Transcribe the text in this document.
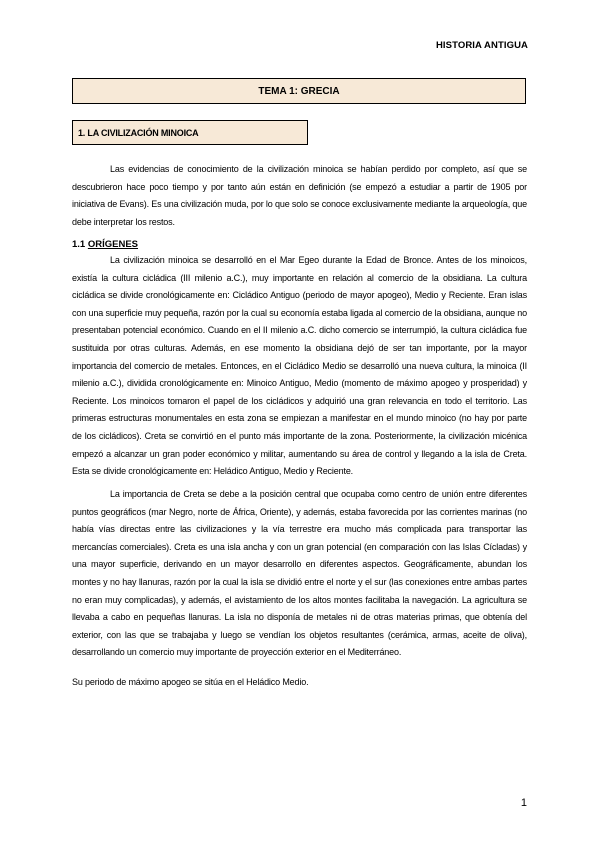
HISTORIA ANTIGUA
TEMA 1: GRECIA
1. LA CIVILIZACIÓN MINOICA

Las evidencias de conocimiento de la civilización minoica se habían perdido por completo, así que se descubrieron hace poco tiempo y por tanto aún están en definición (se empezó a estudiar a partir de 1905 por iniciativa de Evans). Es una civilización muda, por lo que solo se conoce exclusivamente mediante la arqueología, que debe interpretar los restos.

1.1 ORÍGENES

La civilización minoica se desarrolló en el Mar Egeo durante la Edad de Bronce. Antes de los minoicos, existía la cultura cicládica (III milenio a.C.), muy importante en relación al comercio de la obsidiana. La cultura cicládica se divide cronológicamente en: Cicládico Antiguo (periodo de mayor apogeo), Medio y Reciente. Eran islas con una superficie muy pequeña, razón por la cual su economía estaba ligada al comercio de la obsidiana, aunque no presentaban potencial económico. Cuando en el II milenio a.C. dicho comercio se interrumpió, la cultura cicládica fue sustituida por otras culturas. Además, en ese momento la obsidiana dejó de ser tan importante, por la mayor importancia del comercio de metales. Entonces, en el Cicládico Medio se desarrolló una nueva cultura, la minoica (II milenio a.C.), dividida cronológicamente en: Minoico Antiguo, Medio (momento de máximo apogeo y prosperidad) y Reciente. Los minoicos tomaron el papel de los cicládicos y adquirió una gran relevancia en todo el territorio. Las primeras estructuras monumentales en esta zona se empiezan a manifestar en el mundo minoico (no hay por parte de los cicládicos). Creta se convirtió en el punto más importante de la zona. Posteriormente, la civilización micénica empezó a alcanzar un gran poder económico y militar, aumentando su área de control y llegando a la isla de Creta. Esta se divide cronológicamente en: Heládico Antiguo, Medio y Reciente.

La importancia de Creta se debe a la posición central que ocupaba como centro de unión entre diferentes puntos geográficos (mar Negro, norte de África, Oriente), y además, estaba favorecida por las corrientes marinas (no había vías directas entre las civilizaciones y la vía terrestre era mucho más complicada para transportar las mercancías comerciales). Creta es una isla ancha y con un gran potencial (en comparación con las Islas Cícladas) y una mayor superficie, derivando en un mayor desarrollo en diferentes aspectos. Geográficamente, abundan los montes y no hay llanuras, razón por la cual la isla se dividió entre el norte y el sur (las conexiones entre ambas partes no eran muy complicadas), y además, el avistamiento de los altos montes facilitaba la navegación. La agricultura se llevaba a cabo en pequeñas llanuras. La isla no disponía de metales ni de otras materias primas, que obtenía del exterior, con las que se trabajaba y luego se vendían los objetos resultantes (cerámica, armas, aceite de oliva), desarrollando un comercio muy importante de proyección exterior en el Mediterráneo.

Su periodo de máximo apogeo se sitúa en el Heládico Medio.

1
